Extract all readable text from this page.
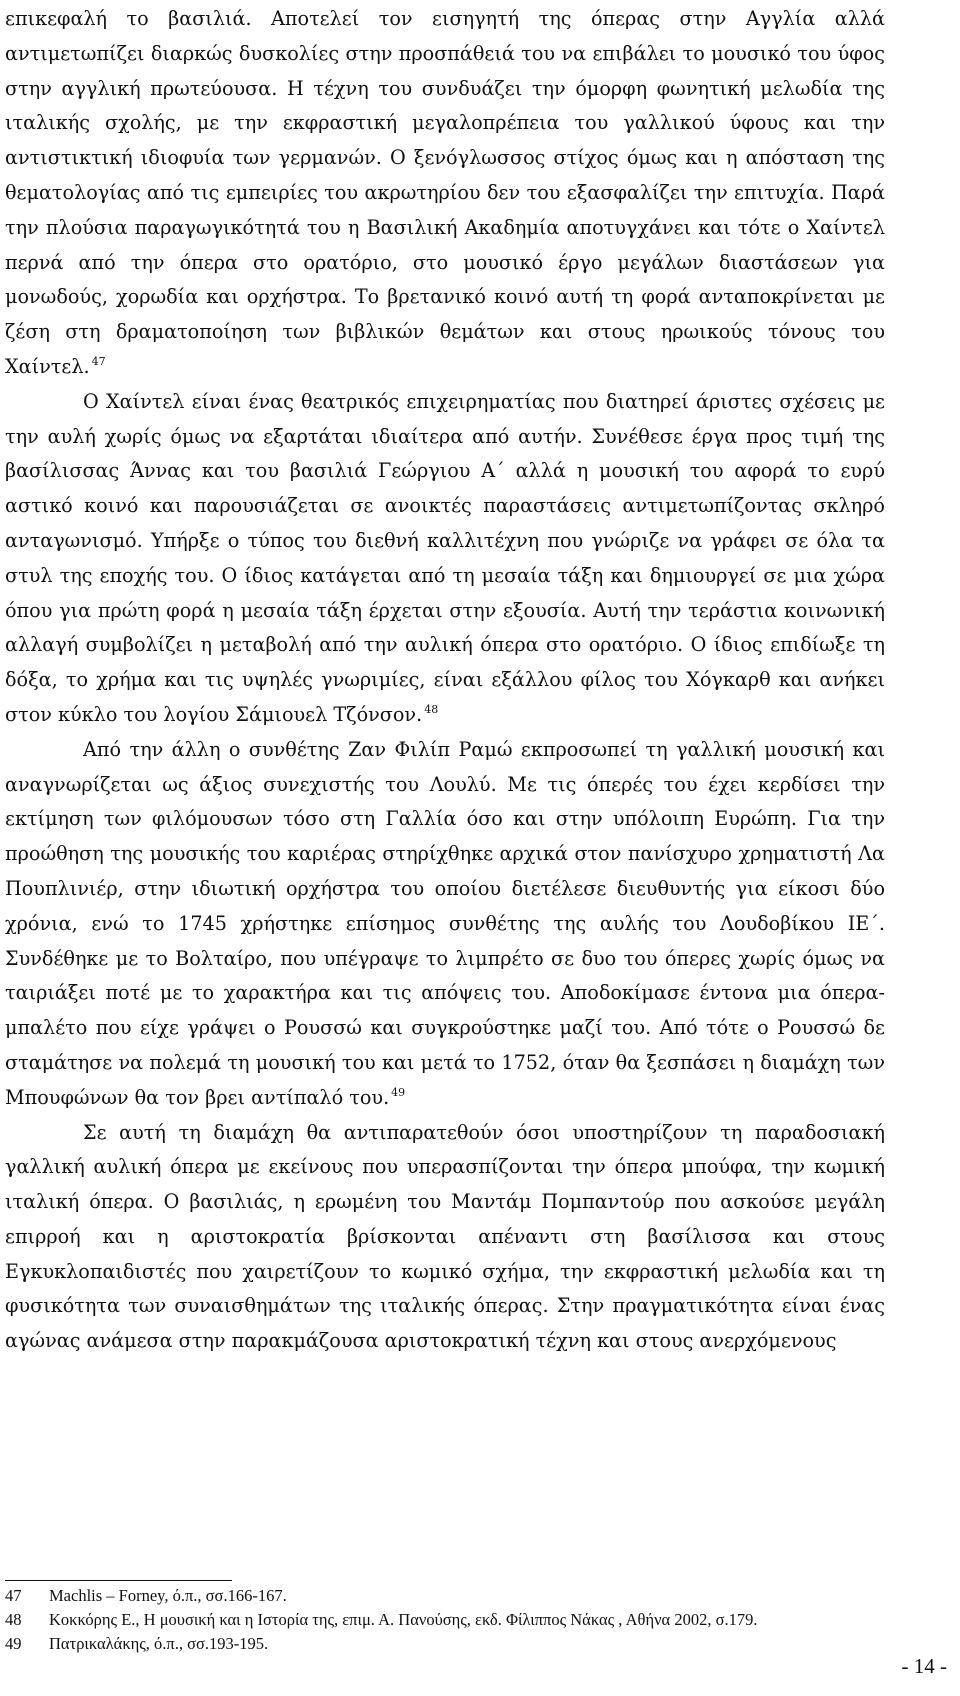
επικεφαλή το βασιλιά. Αποτελεί τον εισηγητή της όπερας στην Αγγλία αλλά αντιμετωπίζει διαρκώς δυσκολίες στην προσπάθειά του να επιβάλει το μουσικό του ύφος στην αγγλική πρωτεύουσα. Η τέχνη του συνδυάζει την όμορφη φωνητική μελωδία της ιταλικής σχολής, με την εκφραστική μεγαλοπρέπεια του γαλλικού ύφους και την αντιστικτική ιδιοφυία των γερμανών. Ο ξενόγλωσσος στίχος όμως και η απόσταση της θεματολογίας από τις εμπειρίες του ακρωτηρίου δεν του εξασφαλίζει την επιτυχία. Παρά την πλούσια παραγωγικότητά του η Βασιλική Ακαδημία αποτυγχάνει και τότε ο Χαίντελ περνά από την όπερα στο ορατόριο, στο μουσικό έργο μεγάλων διαστάσεων για μονωδούς, χορωδία και ορχήστρα. Το βρετανικό κοινό αυτή τη φορά ανταποκρίνεται με ζέση στη δραματοποίηση των βιβλικών θεμάτων και στους ηρωικούς τόνους του Χαίντελ. $^{47}$

Ο Χαίντελ είναι ένας θεατρικός επιχειρηματίας που διατηρεί άριστες σχέσεις με την αυλή χωρίς όμως να εξαρτάται ιδιαίτερα από αυτήν. Συνέθεσε έργα προς τιμή της βασίλισσας Άννας και του βασιλιά Γεώργιου Α΄ αλλά η μουσική του αφορά το ευρύ αστικό κοινό και παρουσιάζεται σε ανοικτές παραστάσεις αντιμετωπίζοντας σκληρό ανταγωνισμό. Υπήρξε ο τύπος του διεθνή καλλιτέχνη που γνώριζε να γράφει σε όλα τα στυλ της εποχής του. Ο ίδιος κατάγεται από τη μεσαία τάξη και δημιουργεί σε μια χώρα όπου για πρώτη φορά η μεσαία τάξη έρχεται στην εξουσία. Αυτή την τεράστια κοινωνική αλλαγή συμβολίζει η μεταβολή από την αυλική όπερα στο ορατόριο. Ο ίδιος επιδίωξε τη δόξα, το χρήμα και τις υψηλές γνωριμίες, είναι εξάλλου φίλος του Χόγκαρθ και ανήκει στον κύκλο του λογίου Σάμιουελ Τζόνσον. $^{48}$

Από την άλλη ο συνθέτης Ζαν Φιλίπ Ραμώ εκπροσωπεί τη γαλλική μουσική και αναγνωρίζεται ως άξιος συνεχιστής του Λουλύ. Με τις όπερές του έχει κερδίσει την εκτίμηση των φιλόμουσων τόσο στη Γαλλία όσο και στην υπόλοιπη Ευρώπη. Για την προώθηση της μουσικής του καριέρας στηρίχθηκε αρχικά στον πανίσχυρο χρηματιστή Λα Πουπλινιέρ, στην ιδιωτική ορχήστρα του οποίου διετέλεσε διευθυντής για είκοσι δύο χρόνια, ενώ το 1745 χρήστηκε επίσημος συνθέτης της αυλής του Λουδοβίκου ΙΕ΄. Συνδέθηκε με το Βολταίρο, που υπέγραψε το λιμπρέτο σε δυο του όπερες χωρίς όμως να ταιριάξει ποτέ με το χαρακτήρα και τις απόψεις του. Αποδοκίμασε έντονα μια όπερα-μπαλέτο που είχε γράψει ο Ρουσσώ και συγκρούστηκε μαζί του. Από τότε ο Ρουσσώ δε σταμάτησε να πολεμά τη μουσική του και μετά το 1752, όταν θα ξεσπάσει η διαμάχη των Μπουφώνων θα τον βρει αντίπαλό του. $^{49}$

Σε αυτή τη διαμάχη θα αντιπαρατεθούν όσοι υποστηρίζουν τη παραδοσιακή γαλλική αυλική όπερα με εκείνους που υπερασπίζονται την όπερα μπούφα, την κωμική ιταλική όπερα. Ο βασιλιάς, η ερωμένη του Μαντάμ Πομπαντούρ που ασκούσε μεγάλη επιρροή και η αριστοκρατία βρίσκονται απέναντι στη βασίλισσα και στους Εγκυκλοπαιδιστές που χαιρετίζουν το κωμικό σχήμα, την εκφραστική μελωδία και τη φυσικότητα των συναισθημάτων της ιταλικής όπερας. Στην πραγματικότητα είναι ένας αγώνας ανάμεσα στην παρακμάζουσα αριστοκρατική τέχνη και στους ανερχόμενους

47	Machlis – Forney, ό.π., σσ.166-167.
48	Κοκκόρης Ε., Η μουσική και η Ιστορία της, επιμ. Α. Πανούσης, εκδ. Φίλιππος Νάκας , Αθήνα 2002, σ.179.
49	Πατρικαλάκης, ό.π., σσ.193-195.
- 14 -
